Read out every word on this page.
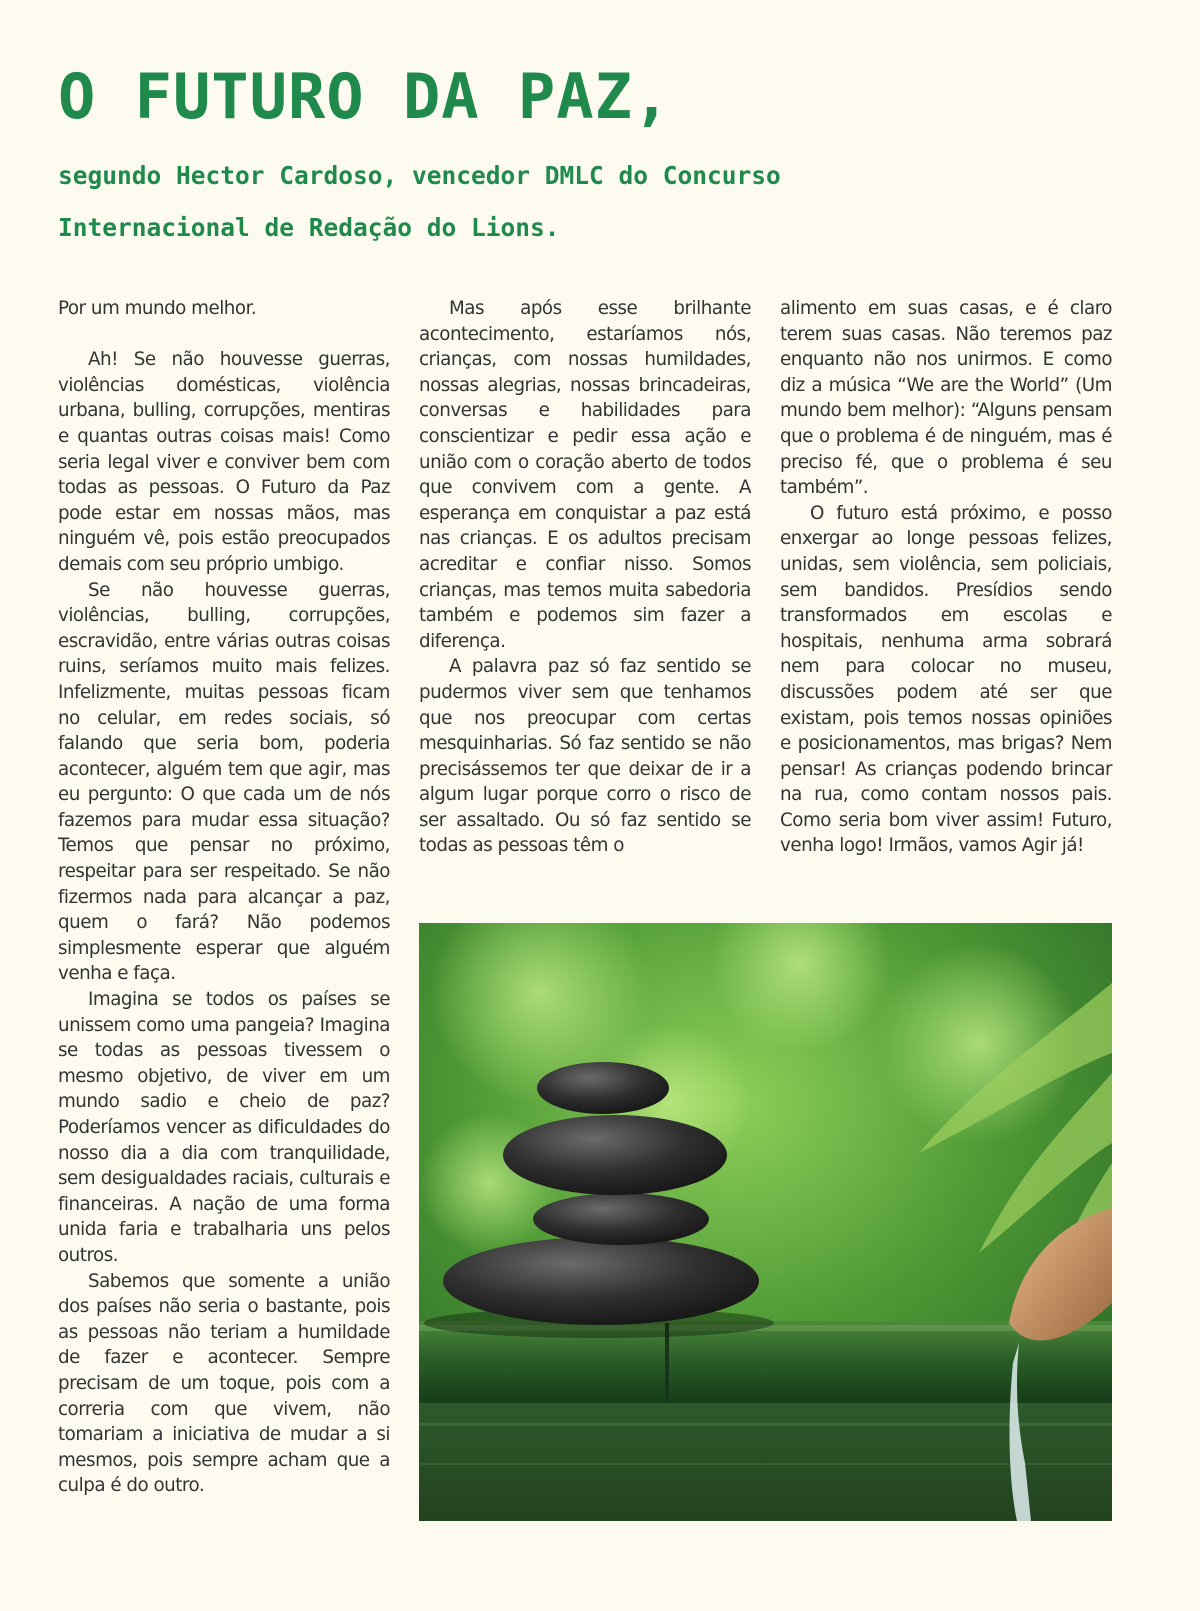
O FUTURO DA PAZ,
segundo Hector Cardoso, vencedor DMLC do Concurso Internacional de Redação do Lions.

Por um mundo melhor.

Ah! Se não houvesse guerras, violências domésticas, violência urbana, bulling, corrupções, mentiras e quantas outras coisas mais! Como seria legal viver e conviver bem com todas as pessoas. O Futuro da Paz pode estar em nossas mãos, mas ninguém vê, pois estão preocupados demais com seu próprio umbigo.

Se não houvesse guerras, violências, bulling, corrupções, escravidão, entre várias outras coisas ruins, seríamos muito mais felizes. Infelizmente, muitas pessoas ficam no celular, em redes sociais, só falando que seria bom, poderia acontecer, alguém tem que agir, mas eu pergunto: O que cada um de nós fazemos para mudar essa situação? Temos que pensar no próximo, respeitar para ser respeitado. Se não fizermos nada para alcançar a paz, quem o fará? Não podemos simplesmente esperar que alguém venha e faça.

Imagina se todos os países se unissem como uma pangeia? Imagina se todas as pessoas tivessem o mesmo objetivo, de viver em um mundo sadio e cheio de paz? Poderíamos vencer as dificuldades do nosso dia a dia com tranquilidade, sem desigualdades raciais, culturais e financeiras. A nação de uma forma unida faria e trabalharia uns pelos outros.

Sabemos que somente a união dos países não seria o bastante, pois as pessoas não teriam a humildade de fazer e acontecer. Sempre precisam de um toque, pois com a correria com que vivem, não tomariam a iniciativa de mudar a si mesmos, pois sempre acham que a culpa é do outro.

Mas após esse brilhante acontecimento, estaríamos nós, crianças, com nossas humildades, nossas alegrias, nossas brincadeiras, conversas e habilidades para conscientizar e pedir essa ação e união com o coração aberto de todos que convivem com a gente. A esperança em conquistar a paz está nas crianças. E os adultos precisam acreditar e confiar nisso. Somos crianças, mas temos muita sabedoria também e podemos sim fazer a diferença.

A palavra paz só faz sentido se pudermos viver sem que tenhamos que nos preocupar com certas mesquinharias. Só faz sentido se não precisássemos ter que deixar de ir a algum lugar porque corro o risco de ser assaltado. Ou só faz sentido se todas as pessoas têm o

alimento em suas casas, e é claro terem suas casas. Não teremos paz enquanto não nos unirmos. E como diz a música “We are the World” (Um mundo bem melhor): “Alguns pensam que o problema é de ninguém, mas é preciso fé, que o problema é seu também”.

O futuro está próximo, e posso enxergar ao longe pessoas felizes, unidas, sem violência, sem policiais, sem bandidos. Presídios sendo transformados em escolas e hospitais, nenhuma arma sobrará nem para colocar no museu, discussões podem até ser que existam, pois temos nossas opiniões e posicionamentos, mas brigas? Nem pensar! As crianças podendo brincar na rua, como contam nossos pais. Como seria bom viver assim! Futuro, venha logo! Irmãos, vamos Agir já!
